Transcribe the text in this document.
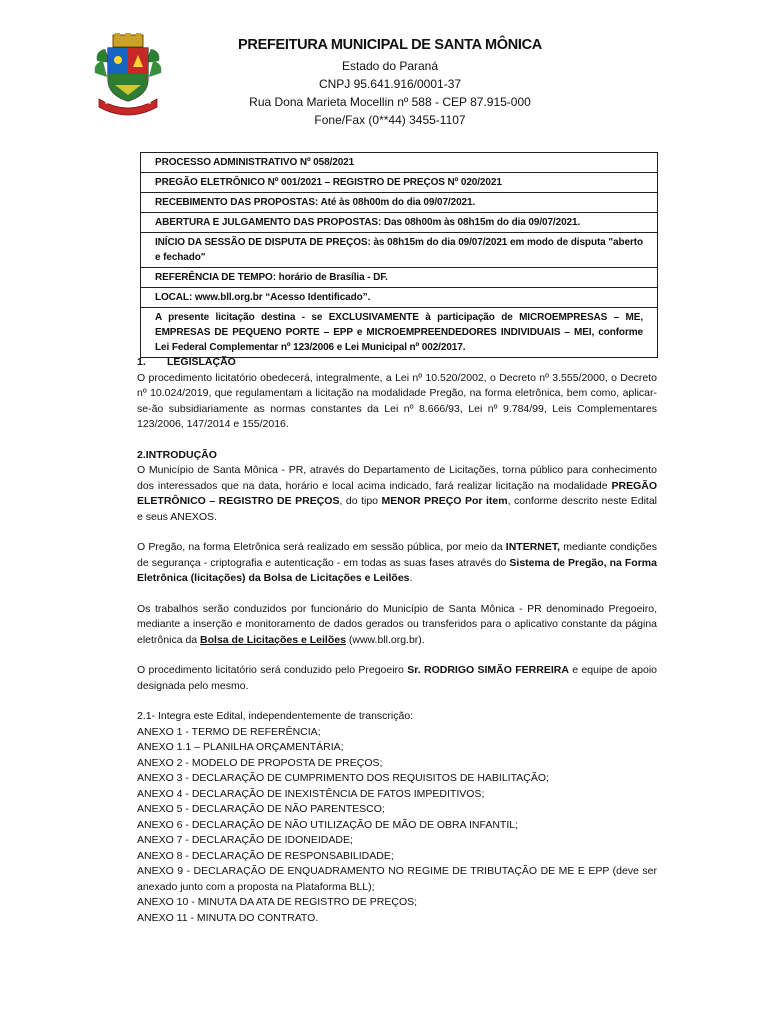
PREFEITURA MUNICIPAL DE SANTA MÔNICA
Estado do Paraná
CNPJ 95.641.916/0001-37
Rua Dona Marieta Mocellin nº 588 - CEP 87.915-000
Fone/Fax (0**44) 3455-1107
PROCESSO ADMINISTRATIVO Nº 058/2021
PREGÃO ELETRÔNICO Nº 001/2021 – REGISTRO DE PREÇOS Nº 020/2021
RECEBIMENTO DAS PROPOSTAS: Até às 08h00m do dia 09/07/2021.
ABERTURA E JULGAMENTO DAS PROPOSTAS: Das 08h00m às 08h15m do dia 09/07/2021.
INÍCIO DA SESSÃO DE DISPUTA DE PREÇOS: às 08h15m do dia 09/07/2021 em modo de disputa "aberto e fechado"
REFERÊNCIA DE TEMPO: horário de Brasília - DF.
LOCAL: www.bll.org.br “Acesso Identificado”.
A presente licitação destina - se EXCLUSIVAMENTE à participação de MICROEMPRESAS – ME, EMPRESAS DE PEQUENO PORTE – EPP e MICROEMPREENDEDORES INDIVIDUAIS – MEI, conforme Lei Federal Complementar nº 123/2006 e Lei Municipal nº 002/2017.

1. LEGISLAÇÃO

O procedimento licitatório obedecerá, integralmente, a Lei nº 10.520/2002, o Decreto nº 3.555/2000, o Decreto nº 10.024/2019, que regulamentam a licitação na modalidade Pregão, na forma eletrônica, bem como, aplicar-se-ão subsidiariamente as normas constantes da Lei nº 8.666/93, Lei nº 9.784/99, Leis Complementares 123/2006, 147/2014 e 155/2016.

2.INTRODUÇÃO

O Município de Santa Mônica - PR, através do Departamento de Licitações, torna público para conhecimento dos interessados que na data, horário e local acima indicado, fará realizar licitação na modalidade PREGÃO ELETRÔNICO – REGISTRO DE PREÇOS, do tipo MENOR PREÇO Por item, conforme descrito neste Edital e seus ANEXOS.

O Pregão, na forma Eletrônica será realizado em sessão pública, por meio da INTERNET, mediante condições de segurança - criptografia e autenticação - em todas as suas fases através do Sistema de Pregão, na Forma Eletrônica (licitações) da Bolsa de Licitações e Leilões.

Os trabalhos serão conduzidos por funcionário do Município de Santa Mônica - PR denominado Pregoeiro, mediante a inserção e monitoramento de dados gerados ou transferidos para o aplicativo constante da página eletrônica da Bolsa de Licitações e Leilões (www.bll.org.br).

O procedimento licitatório será conduzido pelo Pregoeiro Sr. RODRIGO SIMÃO FERREIRA e equipe de apoio designada pelo mesmo.

2.1- Integra este Edital, independentemente de transcrição:

ANEXO 1 - TERMO DE REFERÊNCIA;

ANEXO 1.1 – PLANILHA ORÇAMENTÁRIA;

ANEXO 2 - MODELO DE PROPOSTA DE PREÇOS;

ANEXO 3 - DECLARAÇÃO DE CUMPRIMENTO DOS REQUISITOS DE HABILITAÇÃO;

ANEXO 4 - DECLARAÇÃO DE INEXISTÊNCIA DE FATOS IMPEDITIVOS;

ANEXO 5 - DECLARAÇÃO DE NÃO PARENTESCO;

ANEXO 6 - DECLARAÇÃO DE NÃO UTILIZAÇÃO DE MÃO DE OBRA INFANTIL;

ANEXO 7 - DECLARAÇÃO DE IDONEIDADE;

ANEXO 8 - DECLARAÇÃO DE RESPONSABILIDADE;

ANEXO 9 - DECLARAÇÃO DE ENQUADRAMENTO NO REGIME DE TRIBUTAÇÃO DE ME E EPP (deve ser anexado junto com a proposta na Plataforma BLL);

ANEXO 10 - MINUTA DA ATA DE REGISTRO DE PREÇOS;

ANEXO 11 - MINUTA DO CONTRATO.
